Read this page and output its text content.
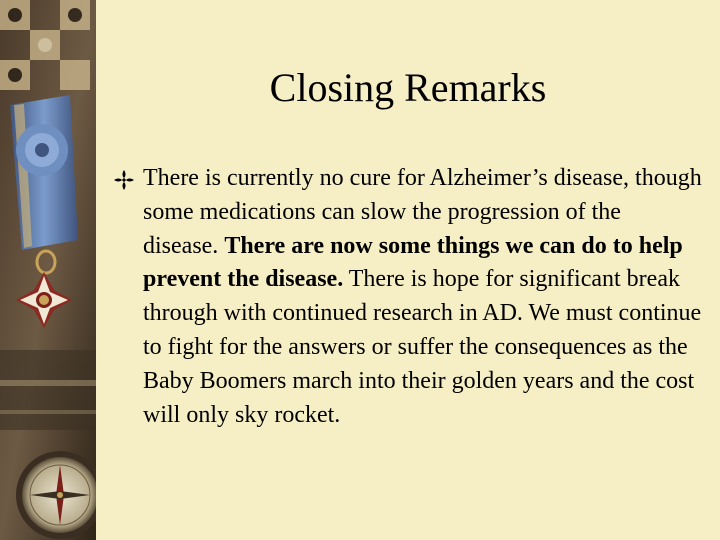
Closing Remarks

There is currently no cure for Alzheimer’s disease, though some medications can slow the progression of the disease. There are now some things we can do to help prevent the disease. There is hope for significant break through with continued research in AD. We must continue to fight for the answers or suffer the consequences as the Baby Boomers march into their golden years and the cost will only sky rocket.
